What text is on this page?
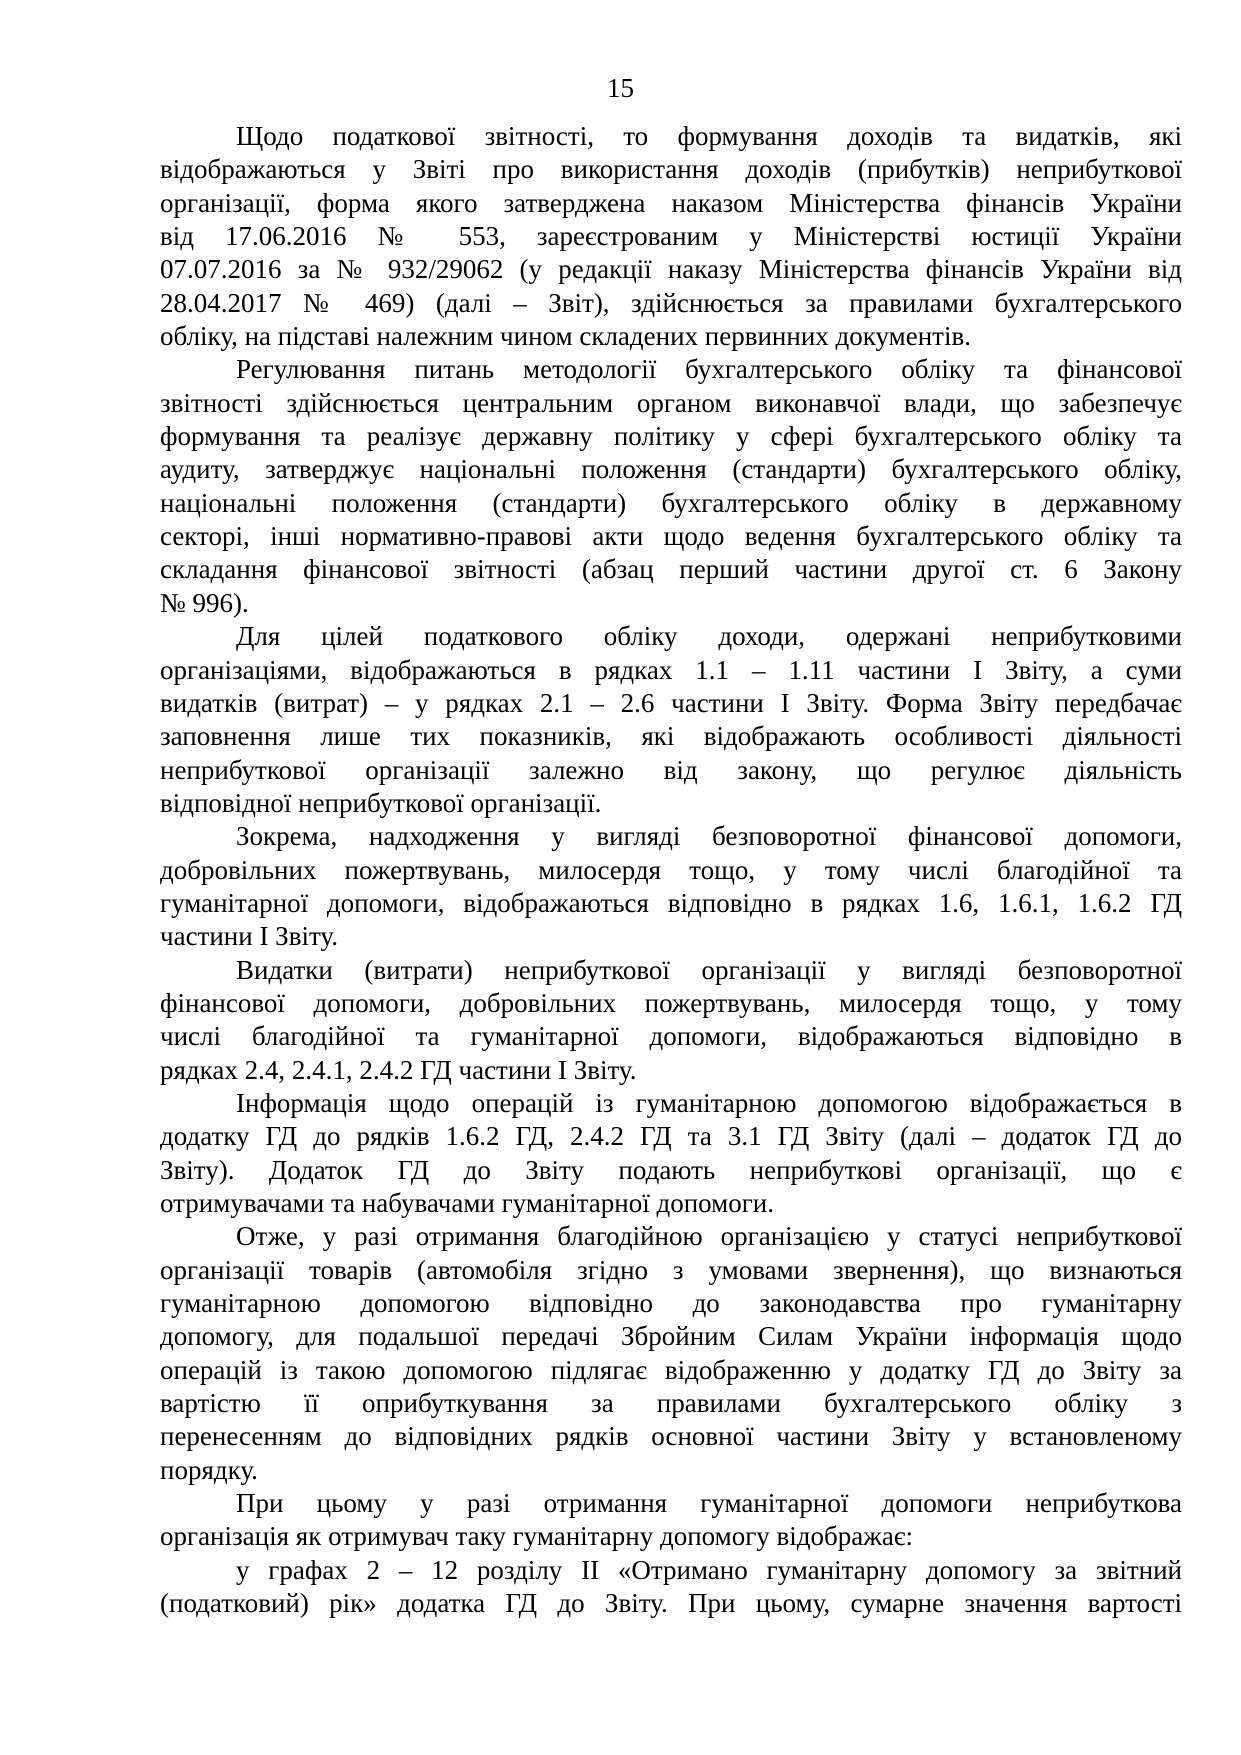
15
Щодо податкової звітності, то формування доходів та видатків, які
відображаються у Звіті про використання доходів (прибутків) неприбуткової
організації, форма якого затверджена наказом Міністерства фінансів України
від 17.06.2016 № 553, зареєстрованим у Міністерстві юстиції України
07.07.2016 за № 932/29062 (у редакції наказу Міністерства фінансів України від
28.04.2017 № 469) (далі – Звіт), здійснюється за правилами бухгалтерського
обліку, на підставі належним чином складених первинних документів.
Регулювання питань методології бухгалтерського обліку та фінансової
звітності здійснюється центральним органом виконавчої влади, що забезпечує
формування та реалізує державну політику у сфері бухгалтерського обліку та
аудиту, затверджує національні положення (стандарти) бухгалтерського обліку,
національні положення (стандарти) бухгалтерського обліку в державному
секторі, інші нормативно-правові акти щодо ведення бухгалтерського обліку та
складання фінансової звітності (абзац перший частини другої ст. 6 Закону
№ 996).
Для цілей податкового обліку доходи, одержані неприбутковими
організаціями, відображаються в рядках 1.1 – 1.11 частини І Звіту, а суми
видатків (витрат) – у рядках 2.1 – 2.6 частини І Звіту. Форма Звіту передбачає
заповнення лише тих показників, які відображають особливості діяльності
неприбуткової організації залежно від закону, що регулює діяльність
відповідної неприбуткової організації.
Зокрема, надходження у вигляді безповоротної фінансової допомоги,
добровільних пожертвувань, милосердя тощо, у тому числі благодійної та
гуманітарної допомоги, відображаються відповідно в рядках 1.6, 1.6.1, 1.6.2 ГД
частини І Звіту.
Видатки (витрати) неприбуткової організації у вигляді безповоротної
фінансової допомоги, добровільних пожертвувань, милосердя тощо, у тому
числі благодійної та гуманітарної допомоги, відображаються відповідно в
рядках 2.4, 2.4.1, 2.4.2 ГД частини І Звіту.
Інформація щодо операцій із гуманітарною допомогою відображається в
додатку ГД до рядків 1.6.2 ГД, 2.4.2 ГД та 3.1 ГД Звіту (далі – додаток ГД до
Звіту). Додаток ГД до Звіту подають неприбуткові організації, що є
отримувачами та набувачами гуманітарної допомоги.
Отже, у разі отримання благодійною організацією у статусі неприбуткової
організації товарів (автомобіля згідно з умовами звернення), що визнаються
гуманітарною допомогою відповідно до законодавства про гуманітарну
допомогу, для подальшої передачі Збройним Силам України інформація щодо
операцій із такою допомогою підлягає відображенню у додатку ГД до Звіту за
вартістю її оприбуткування за правилами бухгалтерського обліку з
перенесенням до відповідних рядків основної частини Звіту у встановленому
порядку.
При цьому у разі отримання гуманітарної допомоги неприбуткова
організація як отримувач таку гуманітарну допомогу відображає:
у графах 2 – 12 розділу ІІ «Отримано гуманітарну допомогу за звітний
(податковий) рік» додатка ГД до Звіту. При цьому, сумарне значення вартості
